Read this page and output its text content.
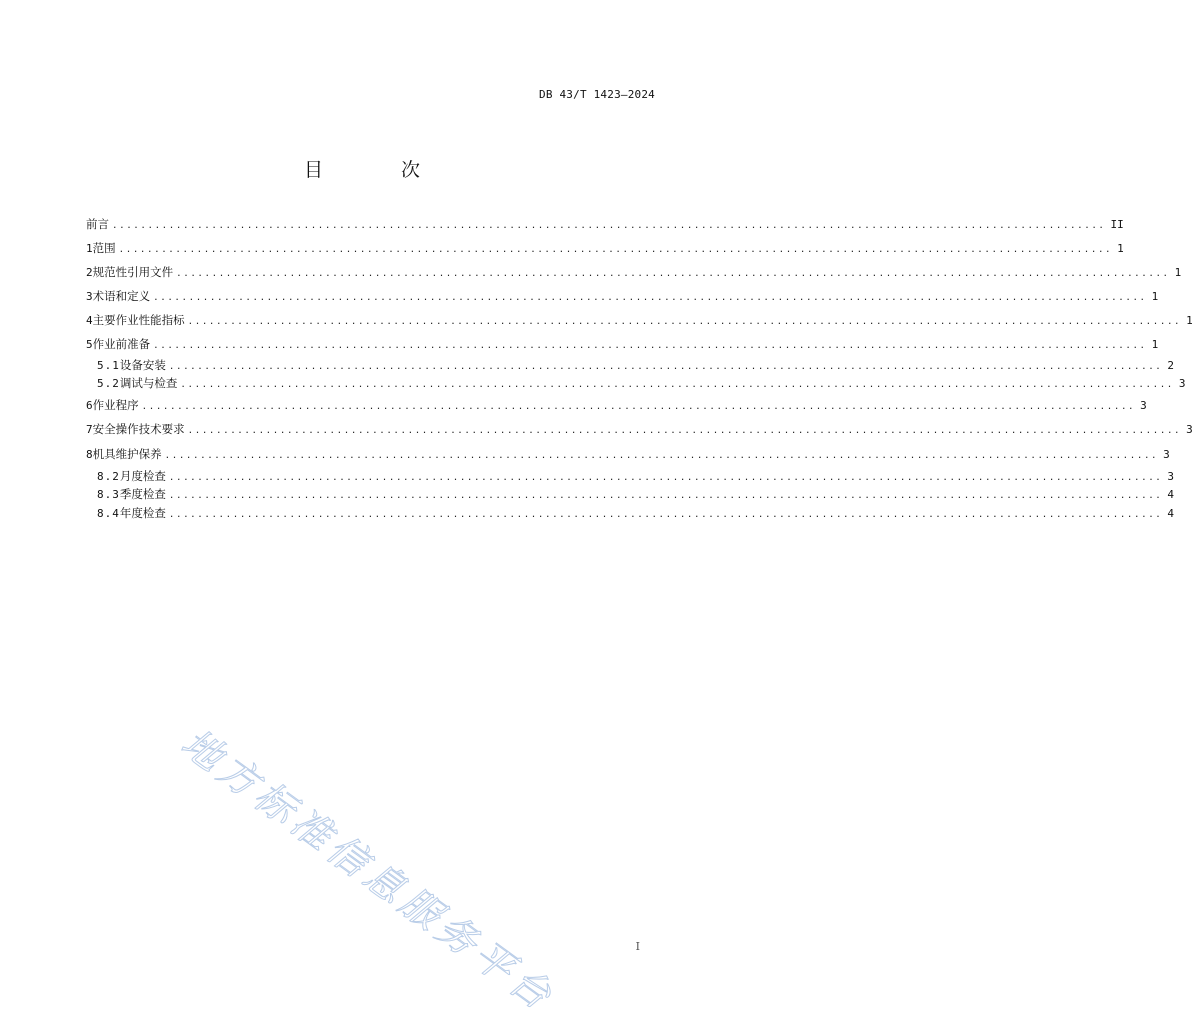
DB 43/T 1423—2024
目 次
前言 ............................................................................................................................................ II
1 范围 ............................................................................................................................................ 1
2 规范性引用文件 ............................................................................................................................................ 1
3 术语和定义 ............................................................................................................................................ 1
4 主要作业性能指标 ............................................................................................................................................ 1
5 作业前准备 ............................................................................................................................................ 1
5.1 设备安装 ............................................................................................................................................ 2
5.2 调试与检查 ............................................................................................................................................ 3
6 作业程序 ............................................................................................................................................ 3
7 安全操作技术要求 ............................................................................................................................................ 3
8 机具维护保养 ............................................................................................................................................ 3
8.2 月度检查 ............................................................................................................................................ 3
8.3 季度检查 ............................................................................................................................................ 4
8.4 年度检查 ............................................................................................................................................ 4
地方标准信息服务平台	I
